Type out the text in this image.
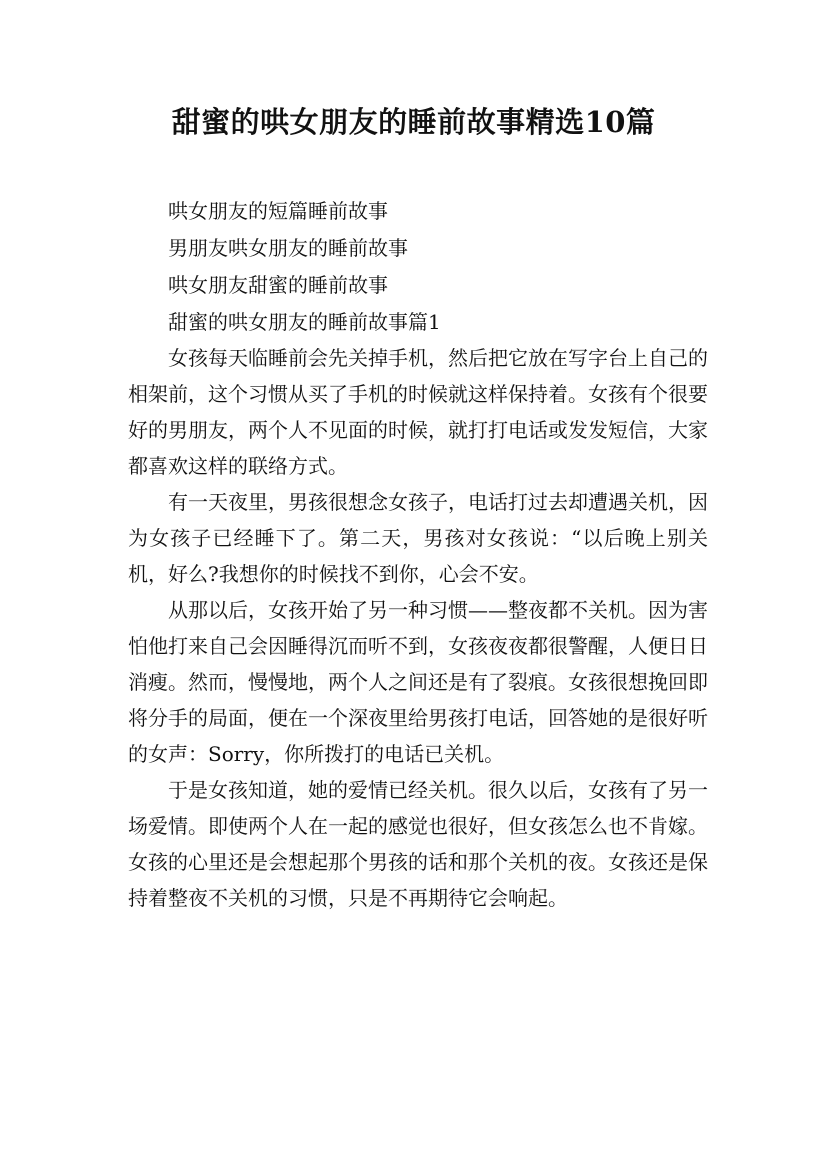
甜蜜的哄女朋友的睡前故事精选10篇
哄女朋友的短篇睡前故事
男朋友哄女朋友的睡前故事
哄女朋友甜蜜的睡前故事
甜蜜的哄女朋友的睡前故事篇1

女孩每天临睡前会先关掉手机，然后把它放在写字台上自己的相架前，这个习惯从买了手机的时候就这样保持着。女孩有个很要好的男朋友，两个人不见面的时候，就打打电话或发发短信，大家都喜欢这样的联络方式。

有一天夜里，男孩很想念女孩子，电话打过去却遭遇关机，因为女孩子已经睡下了。第二天，男孩对女孩说：“以后晚上别关机，好么?我想你的时候找不到你，心会不安。

从那以后，女孩开始了另一种习惯——整夜都不关机。因为害怕他打来自己会因睡得沉而听不到，女孩夜夜都很警醒，人便日日消瘦。然而，慢慢地，两个人之间还是有了裂痕。女孩很想挽回即将分手的局面，便在一个深夜里给男孩打电话，回答她的是很好听的女声：Sorry，你所拨打的电话已关机。

于是女孩知道，她的爱情已经关机。很久以后，女孩有了另一场爱情。即使两个人在一起的感觉也很好，但女孩怎么也不肯嫁。女孩的心里还是会想起那个男孩的话和那个关机的夜。女孩还是保持着整夜不关机的习惯，只是不再期待它会响起。
